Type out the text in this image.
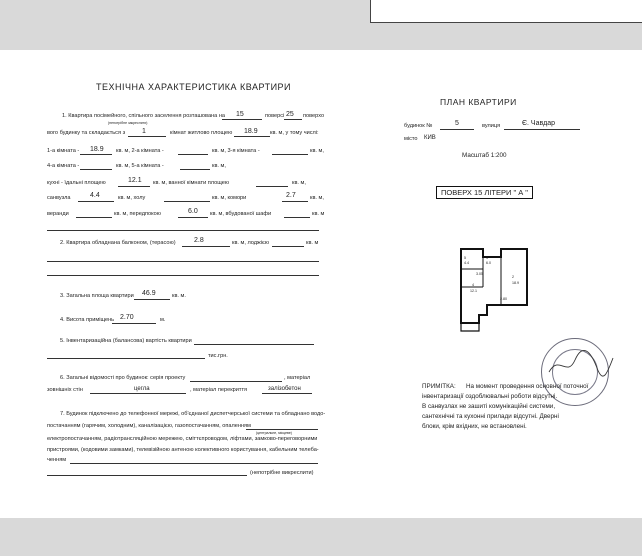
ТЕХНІЧНА ХАРАКТЕРИСТИКА КВАРТИРИ
1. Квартира посімейного, спільного заселення розташована на 15	поверсі 25 поверхо
(непотрібне закреслити)
вого будинку та складається з 1	кімнат житлово площею 18.9 кв. м, у тому числі:
1-а кімната - 18.9 кв. м, 2-а кімната -	кв. м, 3-я кімната -	кв. м,
4-а кімната -	кв. м, 5-а кімната -	кв. м,
кухні - їдальні площею	12.1 кв. м, ванної кімнати площею	кв. м,
санвузла	4.4	кв. м, холу	кв. м, комори	2.7	кв. м,
веранди	кв. м, передпокою	6.0 кв. м, вбудованої шафи	кв. м
2. Квартира обладнана балконом, (терасою)	2.8	кв. м, лоджією	кв. м
3. Загальна площа квартири 46.9	кв. м.
4. Висота приміщень 2.70	м.
5. Інвентаризаційна (балансова) вартість квартири
тис.грн.
6. Загальні відомості про будинок: серія проекту	, матеріал
зовнішніх стін	цегла	, матеріал перекриття	залізобетон
7. Будинок підключено до телефонної мережі, об'єднаної диспетчерської системи та обладнано водо-
постачанням (гарячим, холодним), каналізацією, газопостачанням, опаленням
(центральне, місцеве)
електропостачанням, радіотрансляційною мережею, сміттєпроводом, ліфтами, замково-переговорними
пристроями, (кодовими замками), телевізійною антеною колективного користування, кабельним телеба-
ченням
(непотрібне викреслити)
ПЛАН КВАРТИРИ
будинок №	5	вулиця	Є. Чавдар
місто КИВ
Масштаб 1:200
ПОВЕРХ 15 ЛІТЕРИ " А "
5
4.4
1
6.0
3.05
2
18.9
4
12.1
2.80
ПРИМІТКА: На момент проведення основної поточної
інвентаризації оздоблювальні роботи відсутні.
В санвузлах не зашиті комунікаційні системи,
сантехнічні та кухонні прилади відсутні. Дверні
блоки, крім вхідних, не встановлені.
